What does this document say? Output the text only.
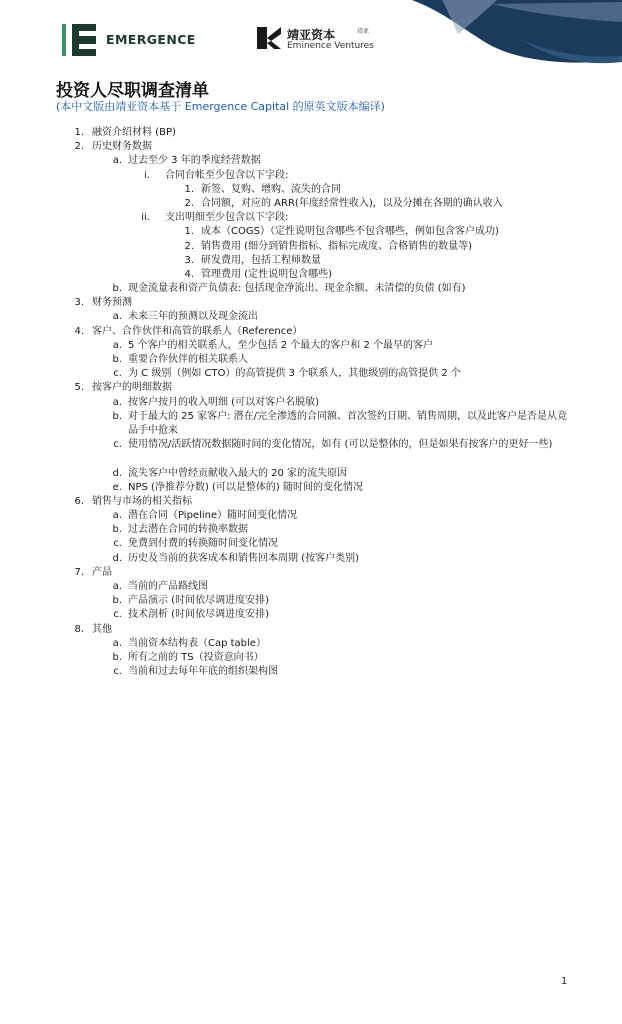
EMERGENCE	靖亚资本	靖亚
Eminence Ventures
投资人尽职调查清单
(本中文版由靖亚资本基于 Emergence Capital 的原英文版本编译)
1. 融资介绍材料 (BP)
2. 历史财务数据
a. 过去至少 3 年的季度经营数据
i. 合同台帐至少包含以下字段:
1. 新签、复购、增购、流失的合同
2. 合同额，对应的 ARR(年度经常性收入)，以及分摊在各期的确认收入
ii. 支出明细至少包含以下字段:
1. 成本（COGS）（定性说明包含哪些不包含哪些，例如包含客户成功)
2. 销售费用 (细分到销售指标、指标完成度、合格销售的数量等)
3. 研发费用，包括工程师数量
4. 管理费用 (定性说明包含哪些)
b. 现金流量表和资产负债表: 包括现金净流出、现金余额、未清偿的负债 (如有)
3. 财务预测
a. 未来三年的预测以及现金流出
4. 客户、合作伙伴和高管的联系人（Reference）
a. 5 个客户的相关联系人，至少包括 2 个最大的客户和 2 个最早的客户
b. 重要合作伙伴的相关联系人
c. 为 C 级别（例如 CTO）的高管提供 3 个联系人，其他级别的高管提供 2 个
5. 按客户的明细数据
a. 按客户按月的收入明细 (可以对客户名脱敏)
b. 对于最大的 25 家客户: 潜在/完全渗透的合同额、首次签约日期、销售周期，以及此客户是否是从竞品手中抢来
c. 使用情况/活跃情况数据随时间的变化情况，如有 (可以是整体的，但是如果有按客户的更好一些)
d. 流失客户中曾经贡献收入最大的 20 家的流失原因
e. NPS (净推荐分数) (可以是整体的) 随时间的变化情况
6. 销售与市场的相关指标
a. 潜在合同（Pipeline）随时间变化情况
b. 过去潜在合同的转换率数据
c. 免费到付费的转换随时间变化情况
d. 历史及当前的获客成本和销售回本周期 (按客户类别)
7. 产品
a. 当前的产品路线图
b. 产品演示 (时间依尽调进度安排)
c. 技术剖析 (时间依尽调进度安排)
8. 其他
a. 当前资本结构表（Cap table）
b. 所有之前的 TS（投资意向书）
c. 当前和过去每年年底的组织架构图
1
